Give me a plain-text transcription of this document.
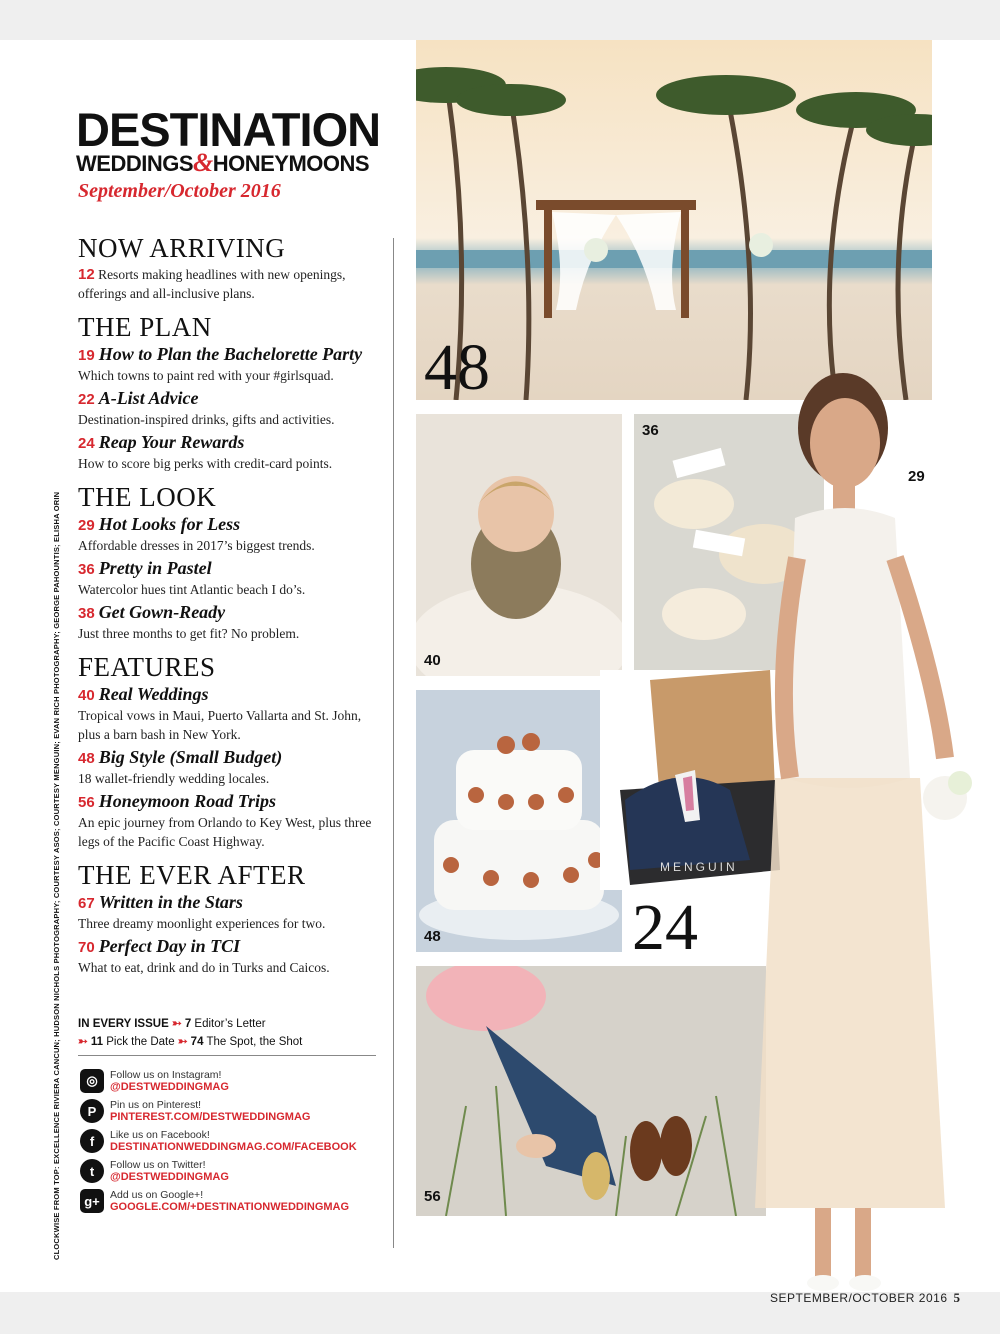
DESTINATION
WEDDINGS&HONEYMOONS
September/October 2016
NOW ARRIVING
12 Resorts making headlines with new openings, offerings and all-inclusive plans.
THE PLAN
19 How to Plan the Bachelorette Party
Which towns to paint red with your #girlsquad.
22 A-List Advice
Destination-inspired drinks, gifts and activities.
24 Reap Your Rewards
How to score big perks with credit-card points.
THE LOOK
29 Hot Looks for Less
Affordable dresses in 2017’s biggest trends.
36 Pretty in Pastel
Watercolor hues tint Atlantic beach I do’s.
38 Get Gown-Ready
Just three months to get fit? No problem.
FEATURES
40 Real Weddings
Tropical vows in Maui, Puerto Vallarta and St. John, plus a barn bash in New York.
48 Big Style (Small Budget)
18 wallet-friendly wedding locales.
56 Honeymoon Road Trips
An epic journey from Orlando to Key West, plus three legs of the Pacific Coast Highway.
THE EVER AFTER
67 Written in the Stars
Three dreamy moonlight experiences for two.
70 Perfect Day in TCI
What to eat, drink and do in Turks and Caicos.
IN EVERY ISSUE ➳ 7 Editor’s Letter
➳ 11 Pick the Date ➳ 74 The Spot, the Shot
◎	Follow us on Instagram!
@DESTWEDDINGMAG
P	Pin us on Pinterest!
PINTEREST.COM/DESTWEDDINGMAG
f	Like us on Facebook!
DESTINATIONWEDDINGMAG.COM/FACEBOOK
t	Follow us on Twitter!
@DESTWEDDINGMAG
g+ Add us on Google+!
GOOGLE.COM/+DESTINATIONWEDDINGMAG
CLOCKWISE FROM TOP: EXCELLENCE RIVIERA CANCUN; HUDSON NICHOLS PHOTOGRAPHY; COURTESY ASOS; COURTESY MENGUIN; EVAN RICH PHOTOGRAPHY; GEORGE PAHOUNTIS; ELISHA ORIN
48
40
36
48
MENGUIN
24
56
29
SEPTEMBER/OCTOBER 2016 5
